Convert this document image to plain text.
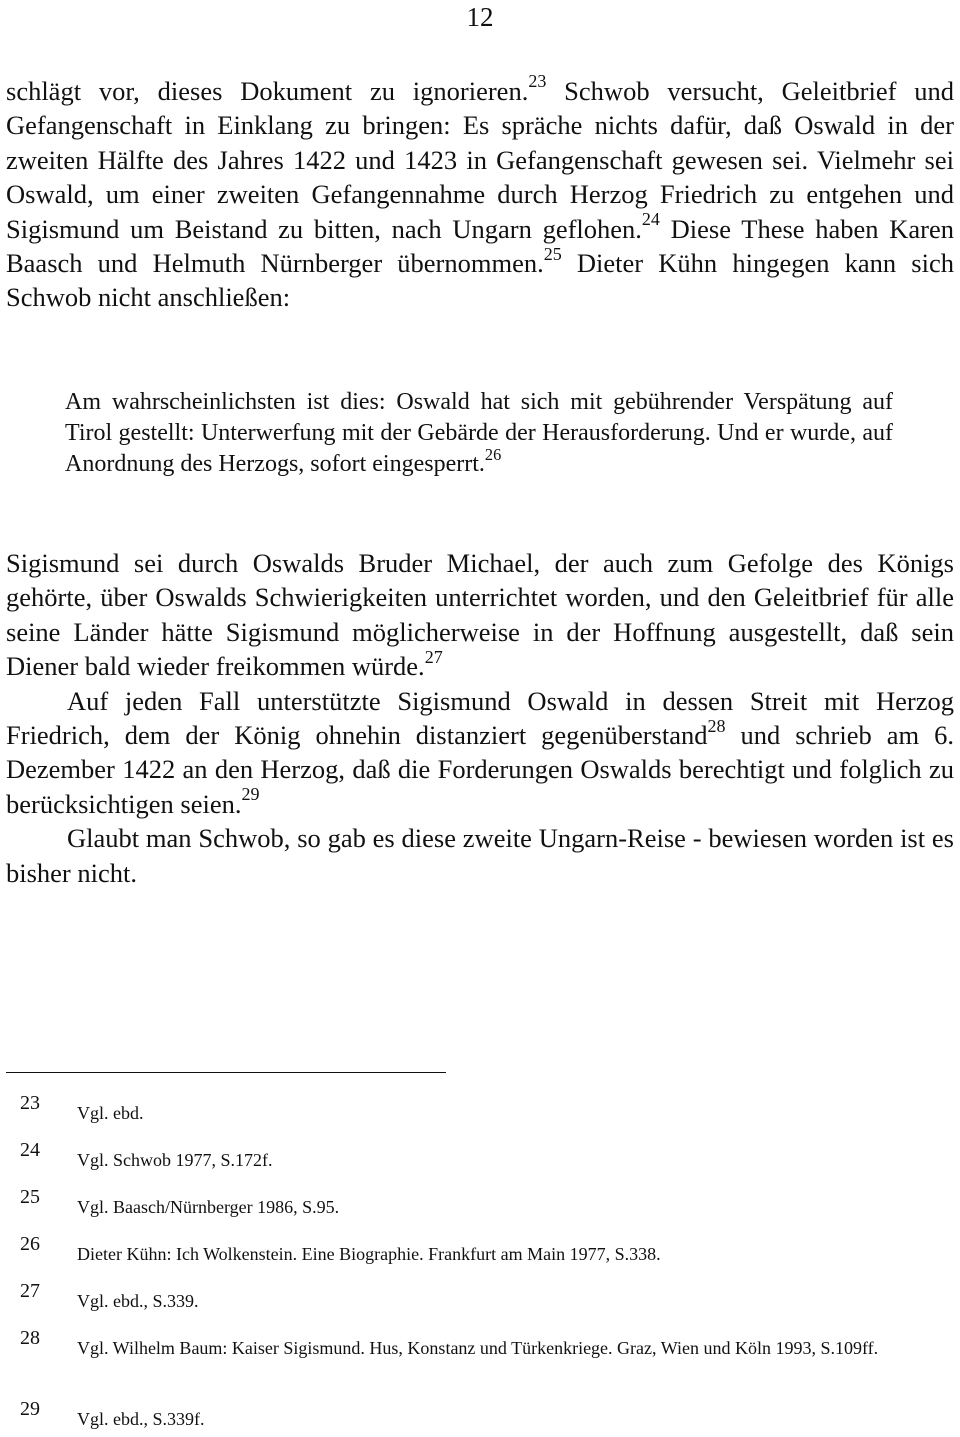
12

schlägt vor, dieses Dokument zu ignorieren.$^{23}$ Schwob versucht, Geleitbrief und Gefangenschaft in Einklang zu bringen: Es spräche nichts dafür, daß Oswald in der zweiten Hälfte des Jahres 1422 und 1423 in Gefangenschaft gewesen sei. Vielmehr sei Oswald, um einer zweiten Gefangennahme durch Herzog Friedrich zu entgehen und Sigismund um Beistand zu bitten, nach Ungarn geflohen.$^{24}$ Diese These haben Karen Baasch und Helmuth Nürnberger übernommen.$^{25}$ Dieter Kühn hingegen kann sich Schwob nicht anschließen:

Am wahrscheinlichsten ist dies: Oswald hat sich mit gebührender Verspätung auf Tirol gestellt: Unterwerfung mit der Gebärde der Herausforderung. Und er wurde, auf Anordnung des Herzogs, sofort eingesperrt.$^{26}$

Sigismund sei durch Oswalds Bruder Michael, der auch zum Gefolge des Königs gehörte, über Oswalds Schwierigkeiten unterrichtet worden, und den Geleitbrief für alle seine Länder hätte Sigismund möglicherweise in der Hoffnung ausgestellt, daß sein Diener bald wieder freikommen würde.$^{27}$

Auf jeden Fall unterstützte Sigismund Oswald in dessen Streit mit Herzog Friedrich, dem der König ohnehin distanziert gegenüberstand$^{28}$ und schrieb am 6. Dezember 1422 an den Herzog, daß die Forderungen Oswalds berechtigt und folglich zu berücksichtigen seien.$^{29}$

Glaubt man Schwob, so gab es diese zweite Ungarn-Reise - bewiesen worden ist es bisher nicht.

23 Vgl. ebd.
24 Vgl. Schwob 1977, S.172f.
25 Vgl. Baasch/Nürnberger 1986, S.95.
26 Dieter Kühn: Ich Wolkenstein. Eine Biographie. Frankfurt am Main 1977, S.338.
27 Vgl. ebd., S.339.
28 Vgl. Wilhelm Baum: Kaiser Sigismund. Hus, Konstanz und Türkenkriege. Graz, Wien und Köln 1993, S.109ff.
29 Vgl. ebd., S.339f.
